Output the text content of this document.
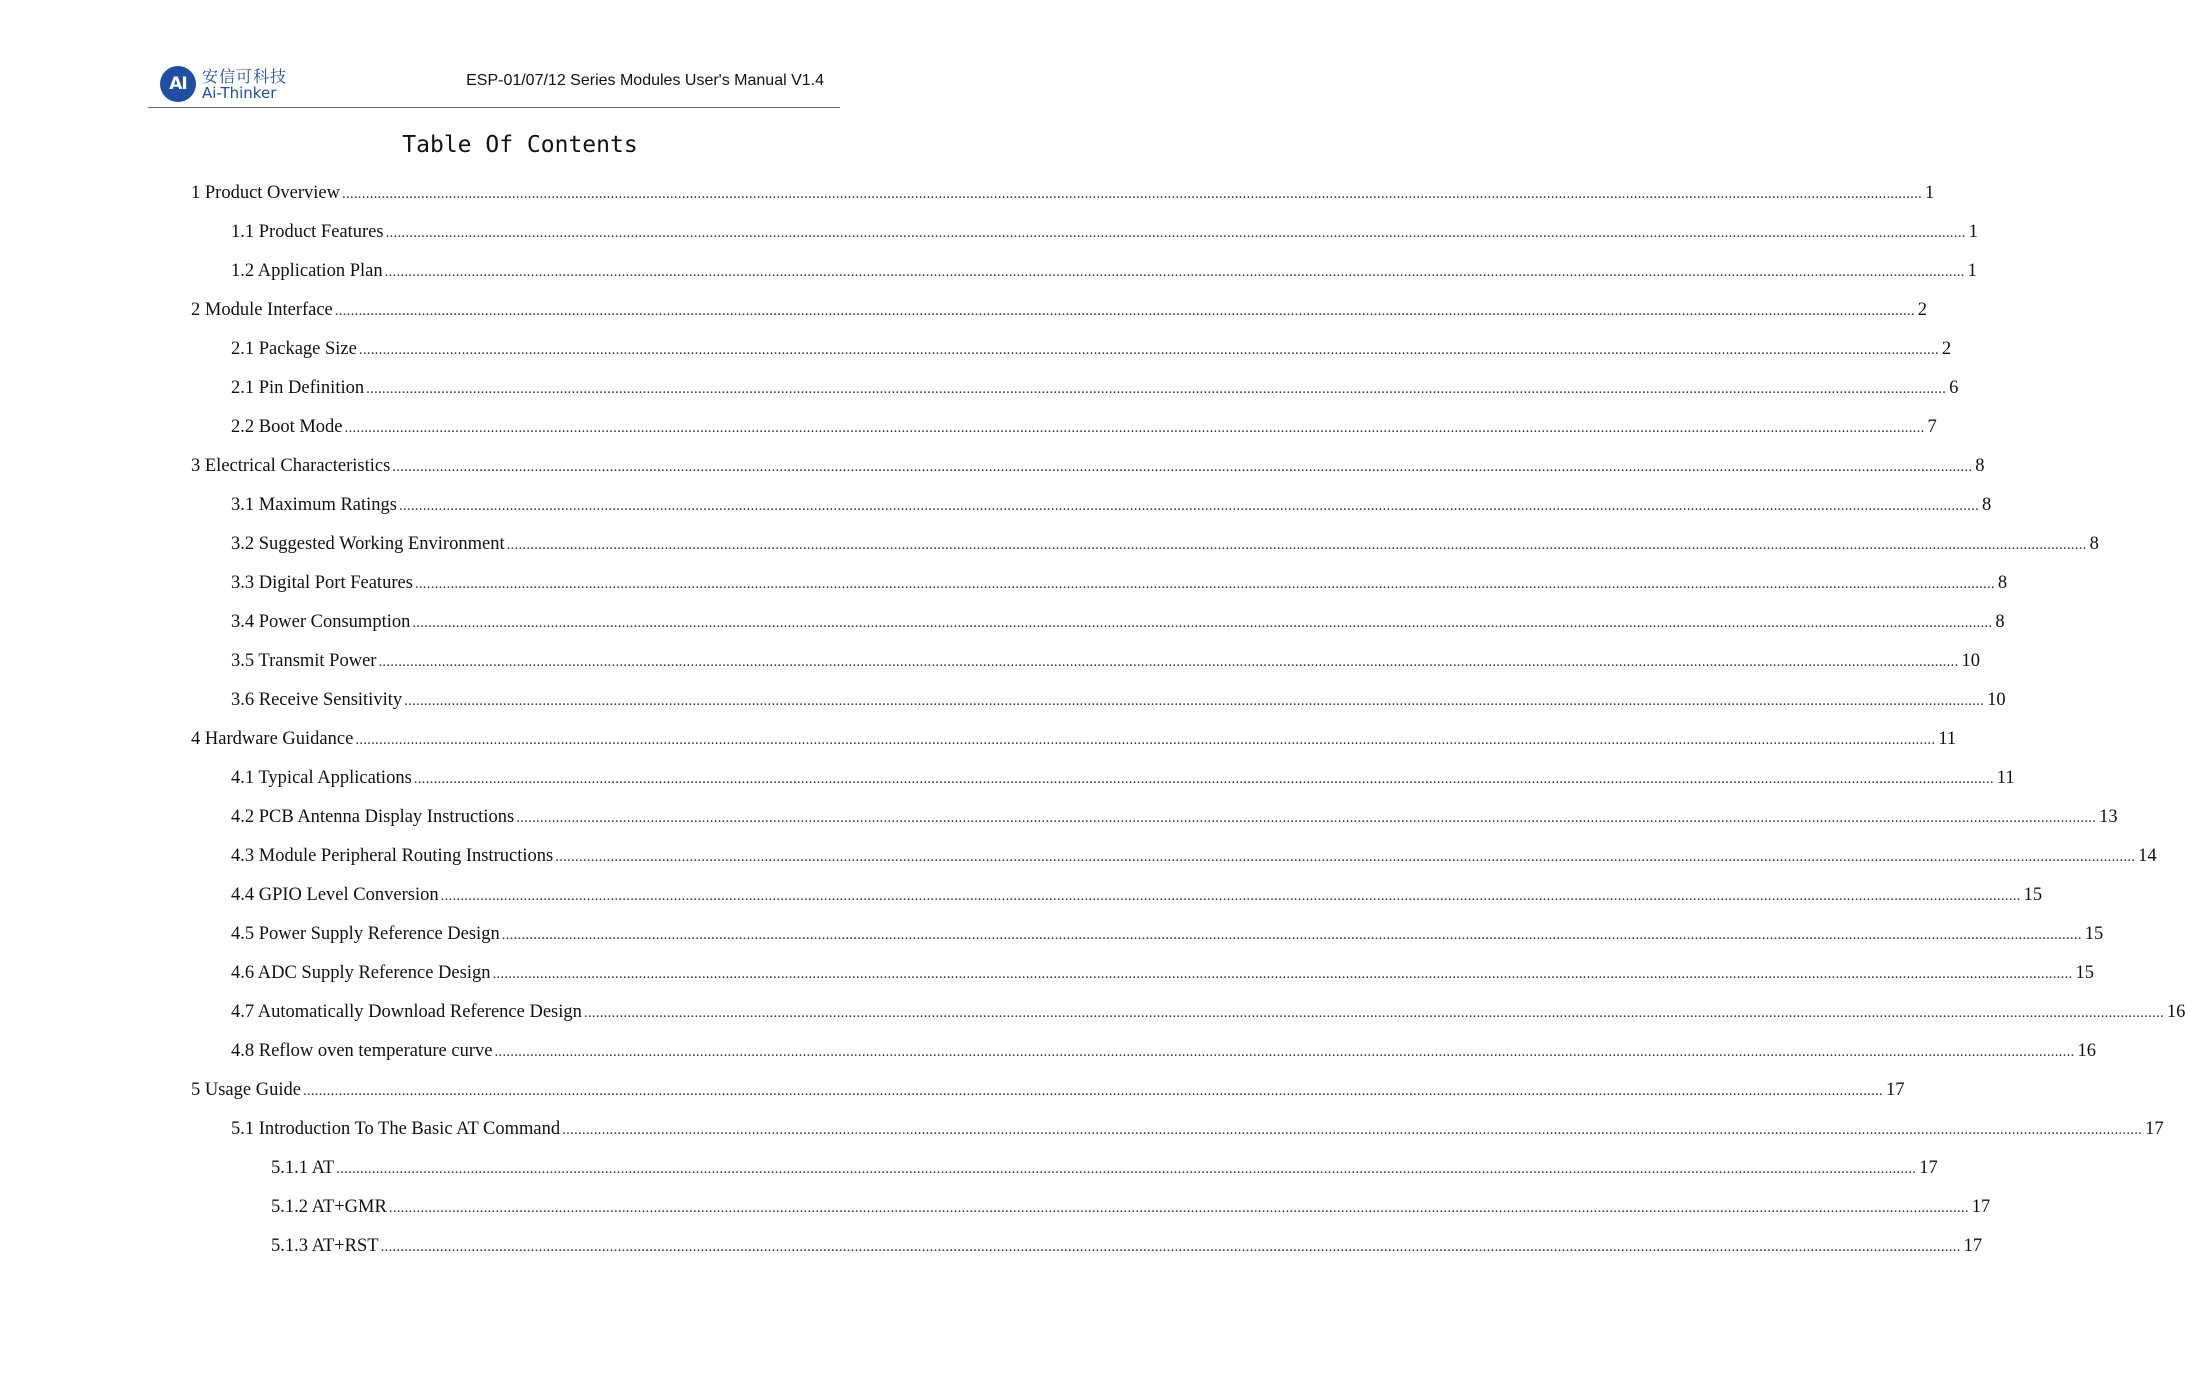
AI 安信可科技
Ai-Thinker
ESP-01/07/12 Series Modules User's Manual V1.4
Table Of Contents
1 Product Overview ................................................................................................................................................................................................................................................................................................................................................................................................................ 1
1.1 Product Features ................................................................................................................................................................................................................................................................................................................................................................................................................ 1
1.2 Application Plan ................................................................................................................................................................................................................................................................................................................................................................................................................ 1
2 Module Interface ................................................................................................................................................................................................................................................................................................................................................................................................................ 2
2.1 Package Size ................................................................................................................................................................................................................................................................................................................................................................................................................ 2
2.1 Pin Definition ................................................................................................................................................................................................................................................................................................................................................................................................................ 6
2.2 Boot Mode ................................................................................................................................................................................................................................................................................................................................................................................................................ 7
3 Electrical Characteristics ................................................................................................................................................................................................................................................................................................................................................................................................................ 8
3.1 Maximum Ratings ................................................................................................................................................................................................................................................................................................................................................................................................................ 8
3.2 Suggested Working Environment ................................................................................................................................................................................................................................................................................................................................................................................................................ 8
3.3 Digital Port Features ................................................................................................................................................................................................................................................................................................................................................................................................................ 8
3.4 Power Consumption ................................................................................................................................................................................................................................................................................................................................................................................................................ 8
3.5 Transmit Power ................................................................................................................................................................................................................................................................................................................................................................................................................ 10
3.6 Receive Sensitivity ................................................................................................................................................................................................................................................................................................................................................................................................................ 10
4 Hardware Guidance ................................................................................................................................................................................................................................................................................................................................................................................................................ 11
4.1 Typical Applications ................................................................................................................................................................................................................................................................................................................................................................................................................ 11
4.2 PCB Antenna Display Instructions ................................................................................................................................................................................................................................................................................................................................................................................................................ 13
4.3 Module Peripheral Routing Instructions ................................................................................................................................................................................................................................................................................................................................................................................................................ 14
4.4 GPIO Level Conversion ................................................................................................................................................................................................................................................................................................................................................................................................................ 15
4.5 Power Supply Reference Design ................................................................................................................................................................................................................................................................................................................................................................................................................ 15
4.6 ADC Supply Reference Design ................................................................................................................................................................................................................................................................................................................................................................................................................ 15
4.7 Automatically Download Reference Design ................................................................................................................................................................................................................................................................................................................................................................................................................ 16
4.8 Reflow oven temperature curve ................................................................................................................................................................................................................................................................................................................................................................................................................ 16
5 Usage Guide ................................................................................................................................................................................................................................................................................................................................................................................................................ 17
5.1 Introduction To The Basic AT Command ................................................................................................................................................................................................................................................................................................................................................................................................................ 17
5.1.1 AT ................................................................................................................................................................................................................................................................................................................................................................................................................ 17
5.1.2 AT+GMR ................................................................................................................................................................................................................................................................................................................................................................................................................ 17
5.1.3 AT+RST ................................................................................................................................................................................................................................................................................................................................................................................................................ 17
